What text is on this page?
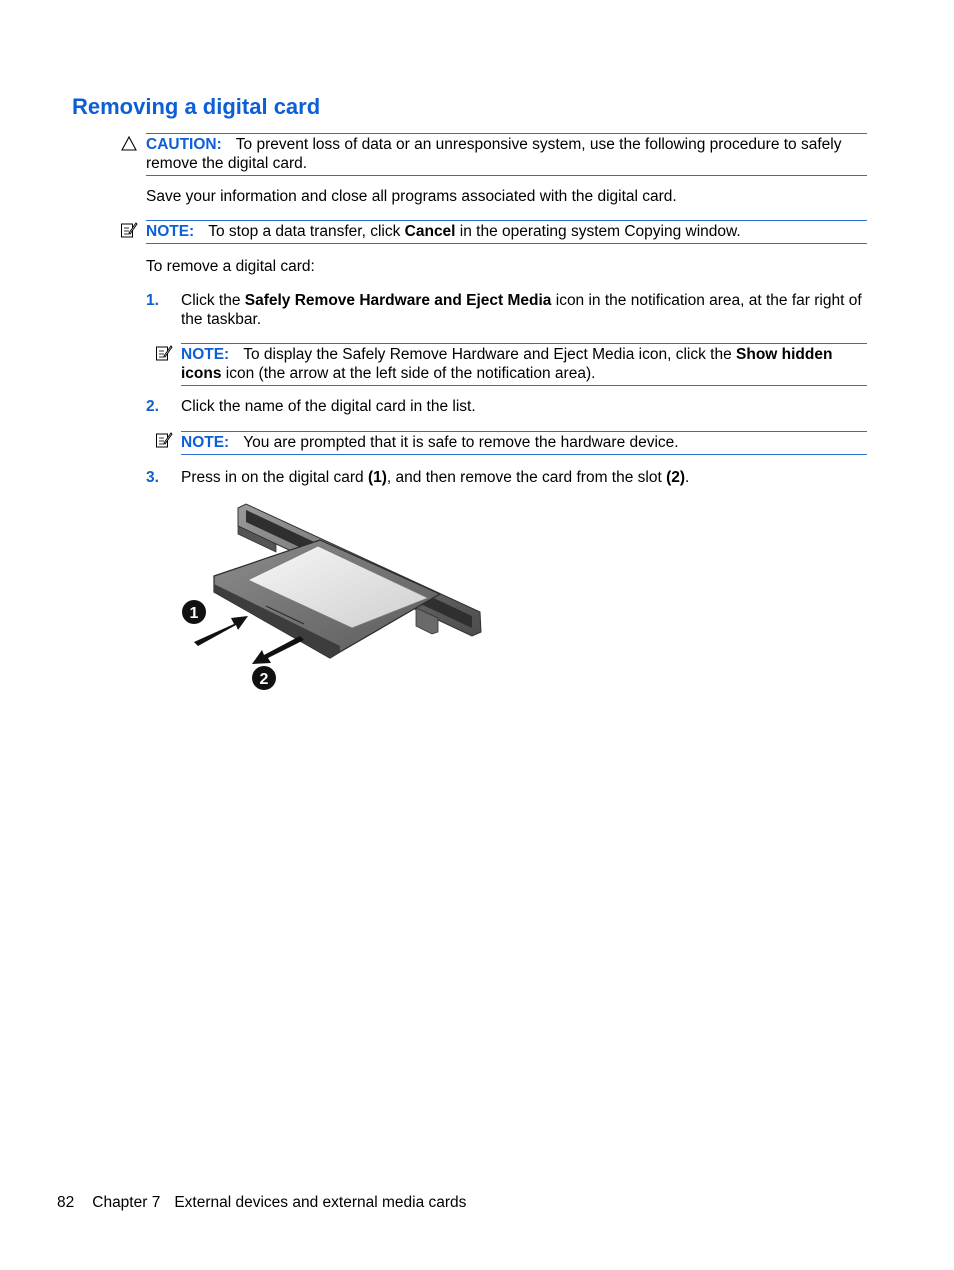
Removing a digital card
CAUTION: To prevent loss of data or an unresponsive system, use the following procedure to safely remove the digital card.
Save your information and close all programs associated with the digital card.
NOTE: To stop a data transfer, click Cancel in the operating system Copying window.
To remove a digital card:
1. Click the Safely Remove Hardware and Eject Media icon in the notification area, at the far right of the taskbar.
NOTE: To display the Safely Remove Hardware and Eject Media icon, click the Show hidden icons icon (the arrow at the left side of the notification area).
2. Click the name of the digital card in the list.
NOTE: You are prompted that it is safe to remove the hardware device.
3. Press in on the digital card (1), and then remove the card from the slot (2).
1
2
82 Chapter 7 External devices and external media cards
